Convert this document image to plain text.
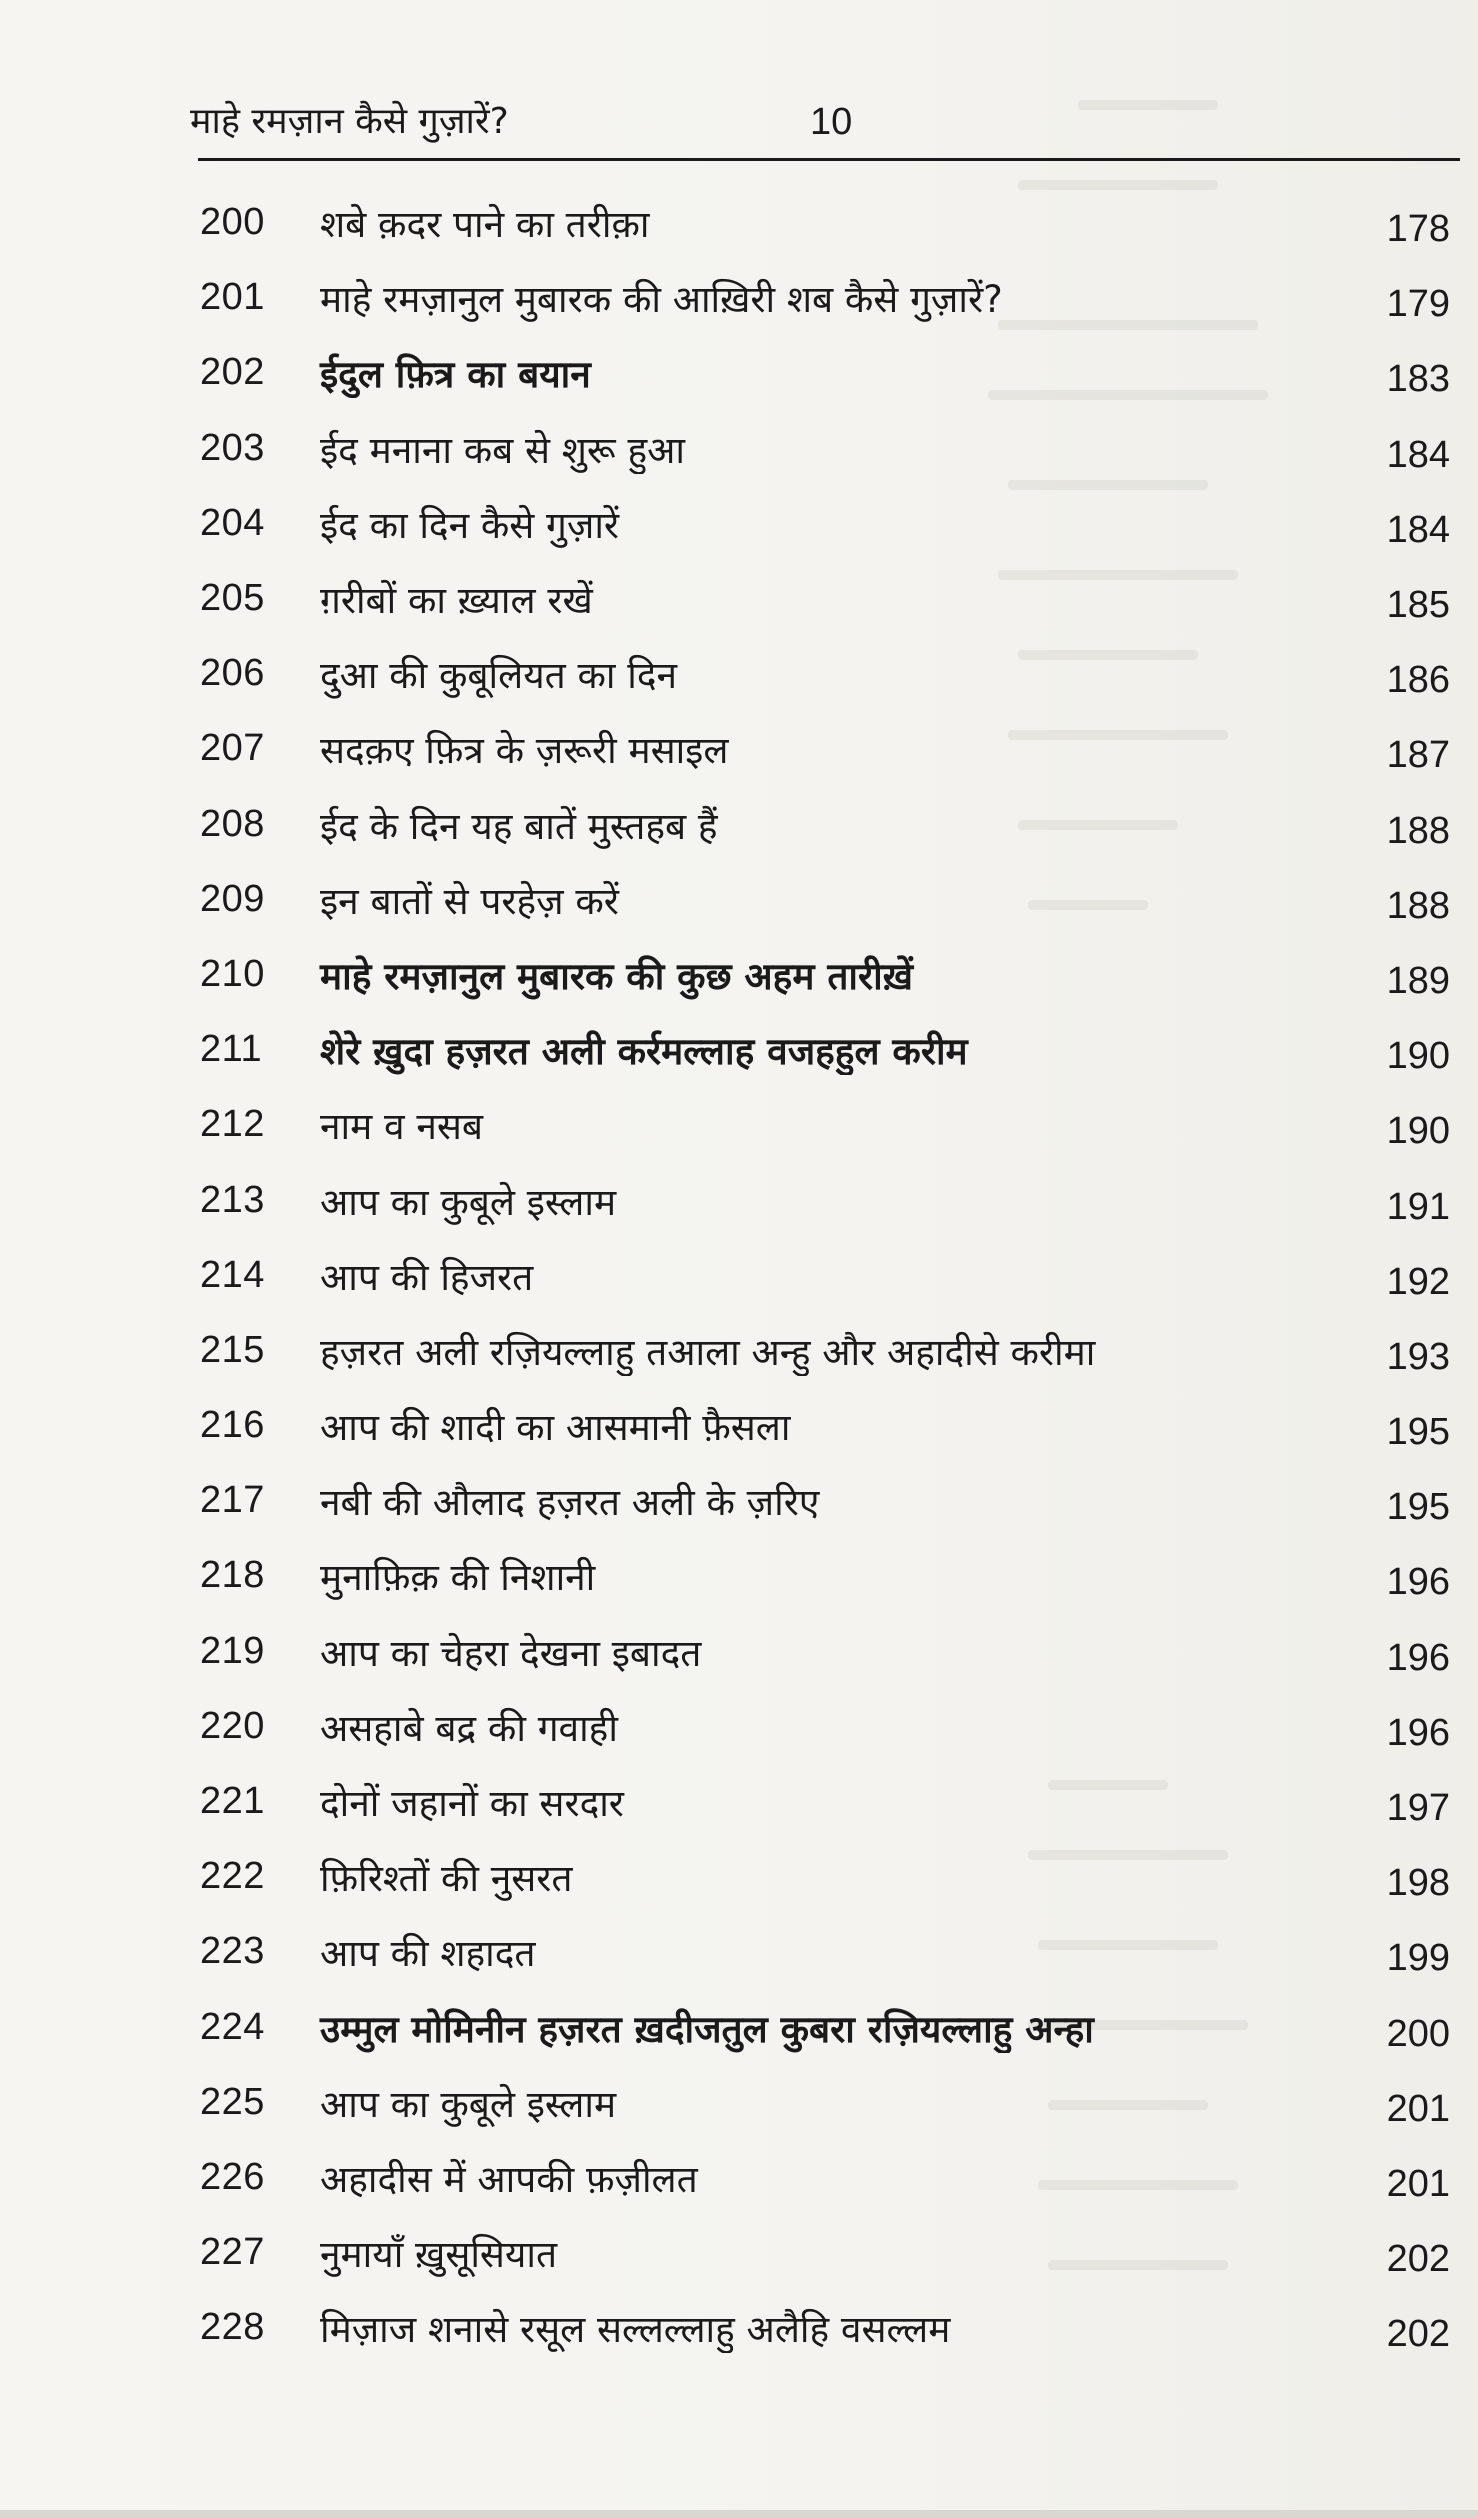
माहे रमज़ान कैसे गुज़ारें?	10
200	शबे क़दर पाने का तरीक़ा	178
201	माहे रमज़ानुल मुबारक की आख़िरी शब कैसे गुज़ारें?	179
202	ईदुल फ़ित्र का बयान	183
203	ईद मनाना कब से शुरू हुआ	184
204	ईद का दिन कैसे गुज़ारें	184
205	ग़रीबों का ख़्याल रखें	185
206	दुआ की कुबूलियत का दिन	186
207	सदक़ए फ़ित्र के ज़रूरी मसाइल	187
208	ईद के दिन यह बातें मुस्तहब हैं	188
209	इन बातों से परहेज़ करें	188
210	माहे रमज़ानुल मुबारक की कुछ अहम तारीख़ें	189
211	शेरे ख़ुदा हज़रत अली कर्रमल्लाह वजहहुल करीम	190
212	नाम व नसब	190
213	आप का कुबूले इस्लाम	191
214	आप की हिजरत	192
215	हज़रत अली रज़ियल्लाहु तआला अन्हु और अहादीसे करीमा	193
216	आप की शादी का आसमानी फ़ैसला	195
217	नबी की औलाद हज़रत अली के ज़रिए	195
218	मुनाफ़िक़ की निशानी	196
219	आप का चेहरा देखना इबादत	196
220	असहाबे बद्र की गवाही	196
221	दोनों जहानों का सरदार	197
222	फ़िरिश्तों की नुसरत	198
223	आप की शहादत	199
224	उम्मुल मोमिनीन हज़रत ख़दीजतुल कुबरा रज़ियल्लाहु अन्हा	200
225	आप का कुबूले इस्लाम	201
226	अहादीस में आपकी फ़ज़ीलत	201
227	नुमायाँ ख़ुसूसियात	202
228	मिज़ाज शनासे रसूल सल्लल्लाहु अलैहि वसल्लम	202
